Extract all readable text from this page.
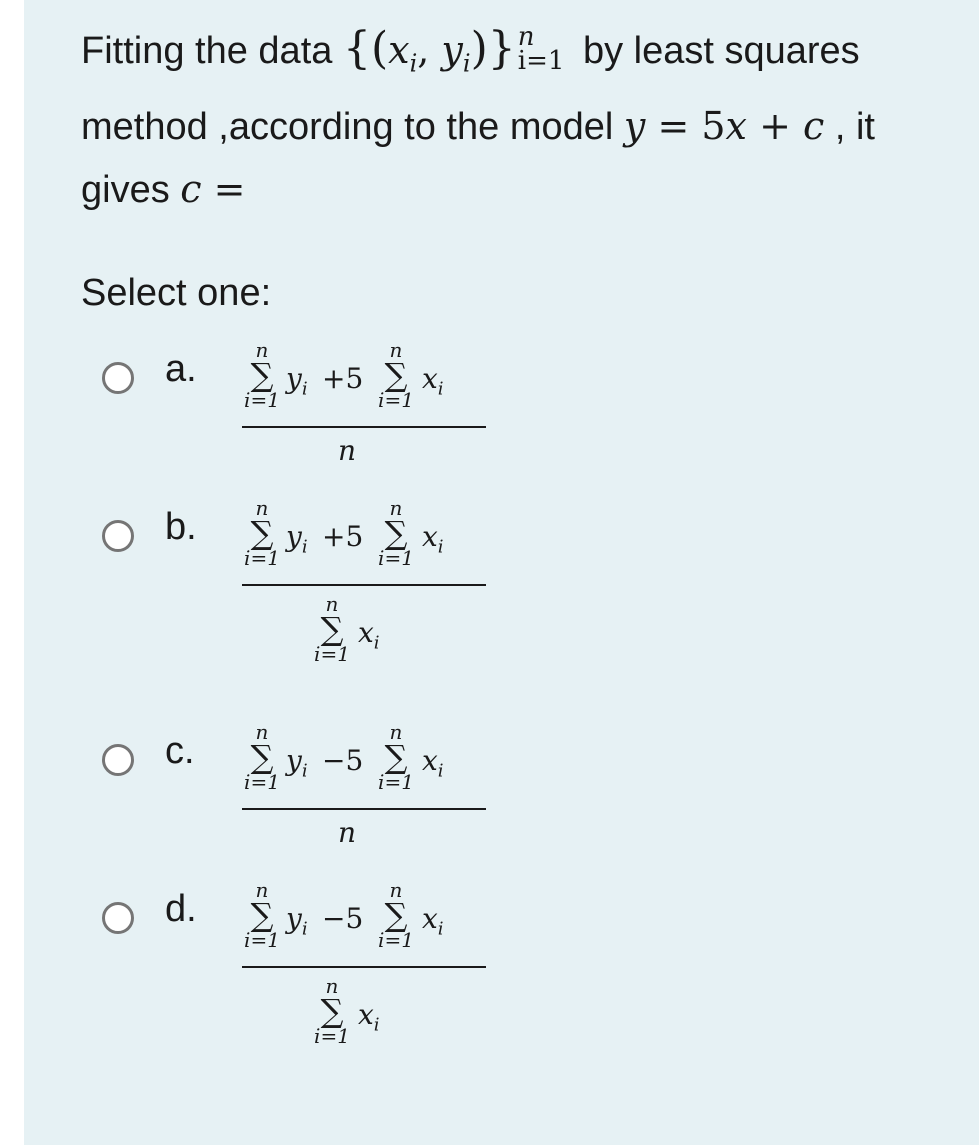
Fitting the data {($x_i$, $y_i$)} n
i=1 by least squares
method ,according to the model y = 5x + c , it
gives c =
Select one:
a.	n
∑
i=1
$y_i +5$
n
∑
i=1
$x_i$
n
b.	n
∑
i=1
$y_i +5$
n
∑
i=1
$x_i$
n
∑
i=1
$x_i$
c.	n
∑
i=1
$y_i -5$
n
∑
i=1
$x_i$
n
d.	n
∑
i=1
$y_i -5$
n
∑
i=1
$x_i$
n
∑
i=1
$x_i$
